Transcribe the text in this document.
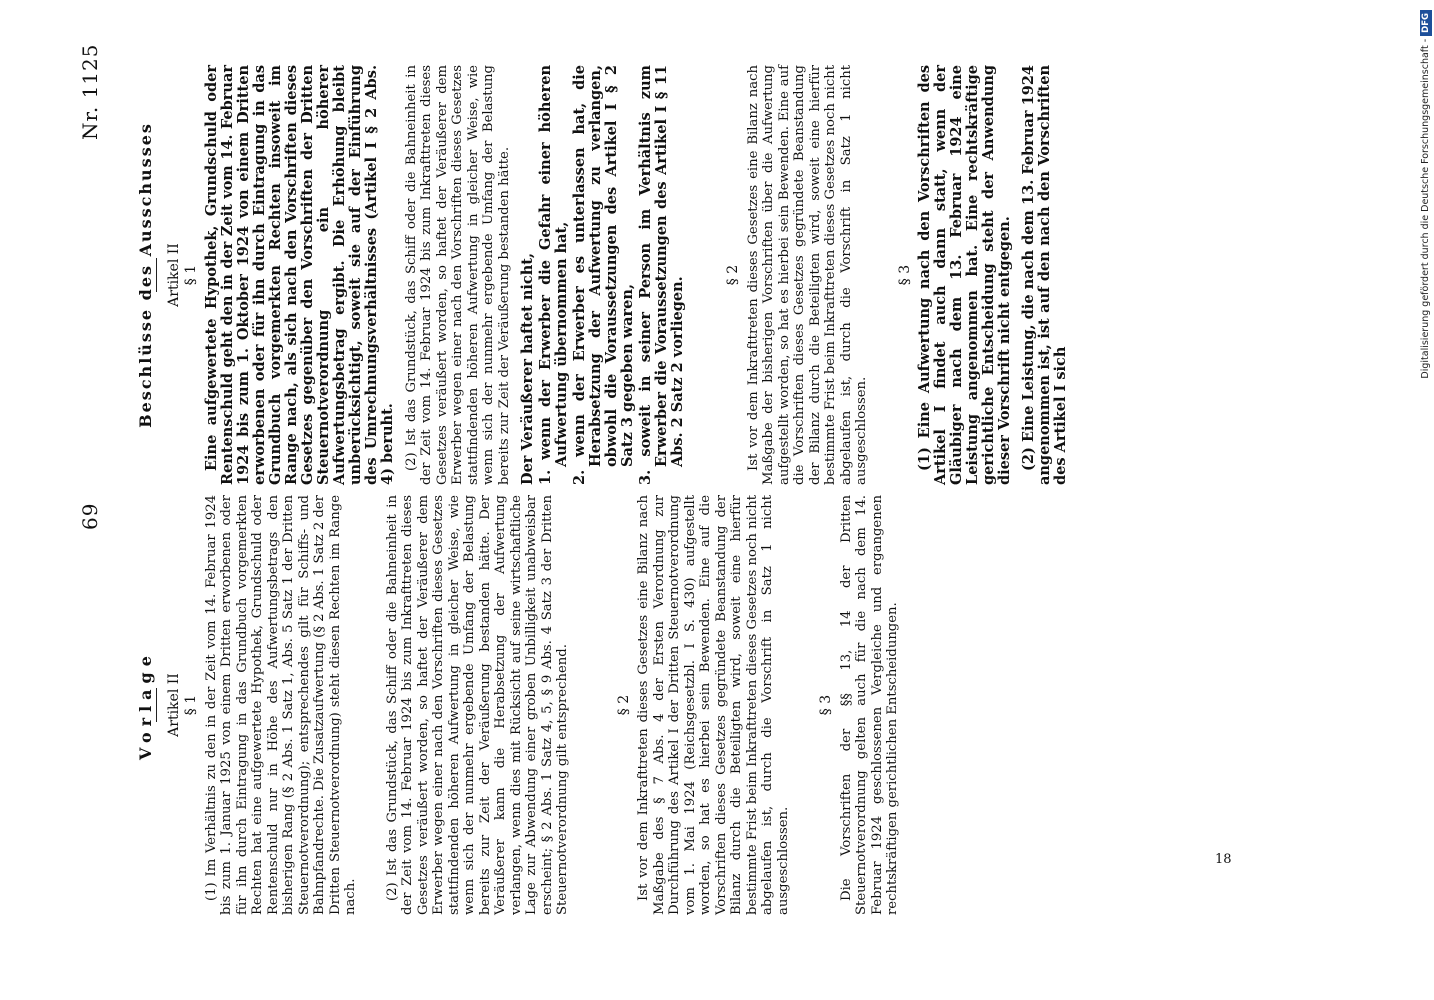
69
Nr. 1125
Vorlage Artikel II § 1 (1) Im Verhältnis zu den in der Zeit vom 14. Februar 1924 bis zum 1. Januar 1925 von einem Dritten erworbenen oder für ihn durch Eintragung in das Grundbuch vorgemerkten Rechten hat eine aufgewertete Hypothek, Grundschuld oder Rentenschuld nur in Höhe des Aufwertungsbetrags den bisherigen Rang (§ 2 Abs. 1 Satz 1, Abs. 5 Satz 1 der Dritten Steuernotverordnung); entsprechendes gilt für Schiffs- und Bahnpfandrechte. Die Zusatzaufwertung (§ 2 Abs. 1 Satz 2 der Dritten Steuernotverordnung) steht diesen Rechten im Range nach. (2) Ist das Grundstück, das Schiff oder die Bahneinheit in der Zeit vom 14. Februar 1924 bis zum Inkrafttreten dieses Gesetzes veräußert worden, so haftet der Veräußerer dem Erwerber wegen einer nach den Vorschriften dieses Gesetzes stattfindenden höheren Aufwertung in gleicher Weise, wie wenn sich der nunmehr ergebende Umfang der Belastung bereits zur Zeit der Veräußerung bestanden hätte. Der Veräußerer kann die Herabsetzung der Aufwertung verlangen, wenn dies mit Rücksicht auf seine wirtschaftliche Lage zur Abwendung einer groben Unbilligkeit unabweisbar erscheint; § 2 Abs. 1 Satz 4, 5, § 9 Abs. 4 Satz 3 der Dritten Steuernotverordnung gilt entsprechend.	§ 2 Ist vor dem Inkrafttreten dieses Gesetzes eine Bilanz nach Maßgabe des § 7 Abs. 4 der Ersten Verordnung zur Durchführung des Artikel I der Dritten Steuernotverordnung vom 1. Mai 1924 (Reichsgesetzbl. I S. 430) aufgestellt worden, so hat es hierbei sein Bewenden. Eine auf die Vorschriften dieses Gesetzes gegründete Beanstandung der Bilanz durch die Beteiligten wird, soweit eine hierfür bestimmte Frist beim Inkrafttreten dieses Gesetzes noch nicht abgelaufen ist, durch die Vorschrift in Satz 1 nicht ausgeschlossen.

§ 3 Die Vorschriften der §§ 13, 14 der Dritten Steuernotverordnung gelten auch für die nach dem 14. Februar 1924 geschlossenen Vergleiche und ergangenen rechtskräftigen gerichtlichen Entscheidungen.

Beschlüsse des Ausschusses Artikel II § 1 Eine aufgewertete Hypothek, Grundschuld oder Rentenschuld geht den in der Zeit vom 14. Februar 1924 bis zum 1. Oktober 1924 von einem Dritten erworbenen oder für ihn durch Eintragung in das Grundbuch vorgemerkten Rechten insoweit im Range nach, als sich nach den Vorschriften dieses Gesetzes gegenüber den Vorschriften der Dritten Steuernotverordnung ein höherer Aufwertungsbetrag ergibt. Die Erhöhung bleibt unberücksichtigt, soweit sie auf der Einführung des Umrechnungsverhältnisses (Artikel I § 2 Abs. 4) beruht. (2) Ist das Grundstück, das Schiff oder die Bahneinheit in der Zeit vom 14. Februar 1924 bis zum Inkrafttreten dieses Gesetzes veräußert worden, so haftet der Veräußerer dem Erwerber wegen einer nach den Vorschriften dieses Gesetzes stattfindenden höheren Aufwertung in gleicher Weise, wie wenn sich der nunmehr ergebende Umfang der Belastung bereits zur Zeit der Veräußerung bestanden hätte. Der Veräußerer haftet nicht, 1. wenn der Erwerber die Gefahr einer höheren Aufwertung übernommen hat, 2. wenn der Erwerber es unterlassen hat, die Herabsetzung der Aufwertung zu verlangen, obwohl die Voraussetzungen des Artikel I § 2 Satz 3 gegeben waren, 3. soweit in seiner Person im Verhältnis zum Erwerber die Voraussetzungen des Artikel I § 11 Abs. 2 Satz 2 vorliegen.
§ 2 Ist vor dem Inkrafttreten dieses Gesetzes eine Bilanz nach Maßgabe der bisherigen Vorschriften über die Aufwertung aufgestellt worden, so hat es hierbei sein Bewenden. Eine auf die Vorschriften dieses Gesetzes gegründete Beanstandung der Bilanz durch die Beteiligten wird, soweit eine hierfür bestimmte Frist beim Inkrafttreten dieses Gesetzes noch nicht abgelaufen ist, durch die Vorschrift in Satz 1 nicht ausgeschlossen.

§ 3 (1) Eine Aufwertung nach den Vorschriften des Artikel I findet auch dann statt, wenn der Gläubiger nach dem 13. Februar 1924 eine Leistung angenommen hat. Eine rechtskräftige gerichtliche Entscheidung steht der Anwendung dieser Vorschrift nicht entgegen. (2) Eine Leistung, die nach dem 13. Februar 1924 angenommen ist, ist auf den nach den Vorschriften des Artikel I sich

18
Digitalisierung gefördert durch die Deutsche Forschungsgemeinschaft -DFG
